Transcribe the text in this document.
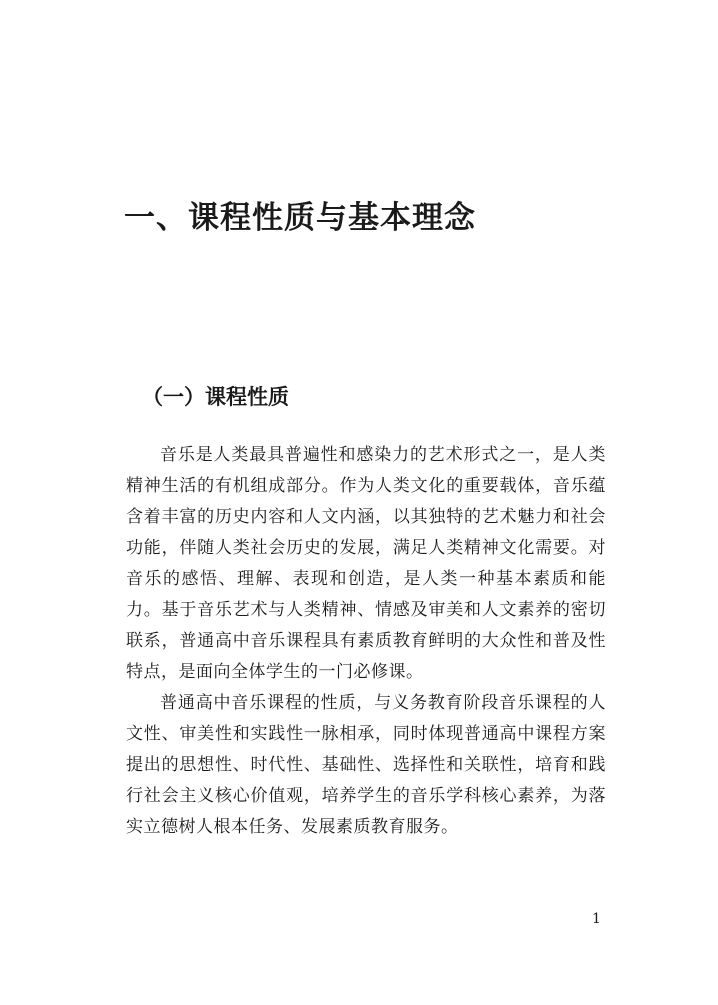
一、课程性质与基本理念
（一）课程性质

音乐是人类最具普遍性和感染力的艺术形式之一，是人类精神生活的有机组成部分。作为人类文化的重要载体，音乐蕴含着丰富的历史内容和人文内涵，以其独特的艺术魅力和社会功能，伴随人类社会历史的发展，满足人类精神文化需要。对音乐的感悟、理解、表现和创造，是人类一种基本素质和能力。基于音乐艺术与人类精神、情感及审美和人文素养的密切联系，普通高中音乐课程具有素质教育鲜明的大众性和普及性特点，是面向全体学生的一门必修课。

普通高中音乐课程的性质，与义务教育阶段音乐课程的人文性、审美性和实践性一脉相承，同时体现普通高中课程方案提出的思想性、时代性、基础性、选择性和关联性，培育和践行社会主义核心价值观，培养学生的音乐学科核心素养，为落实立德树人根本任务、发展素质教育服务。

1
